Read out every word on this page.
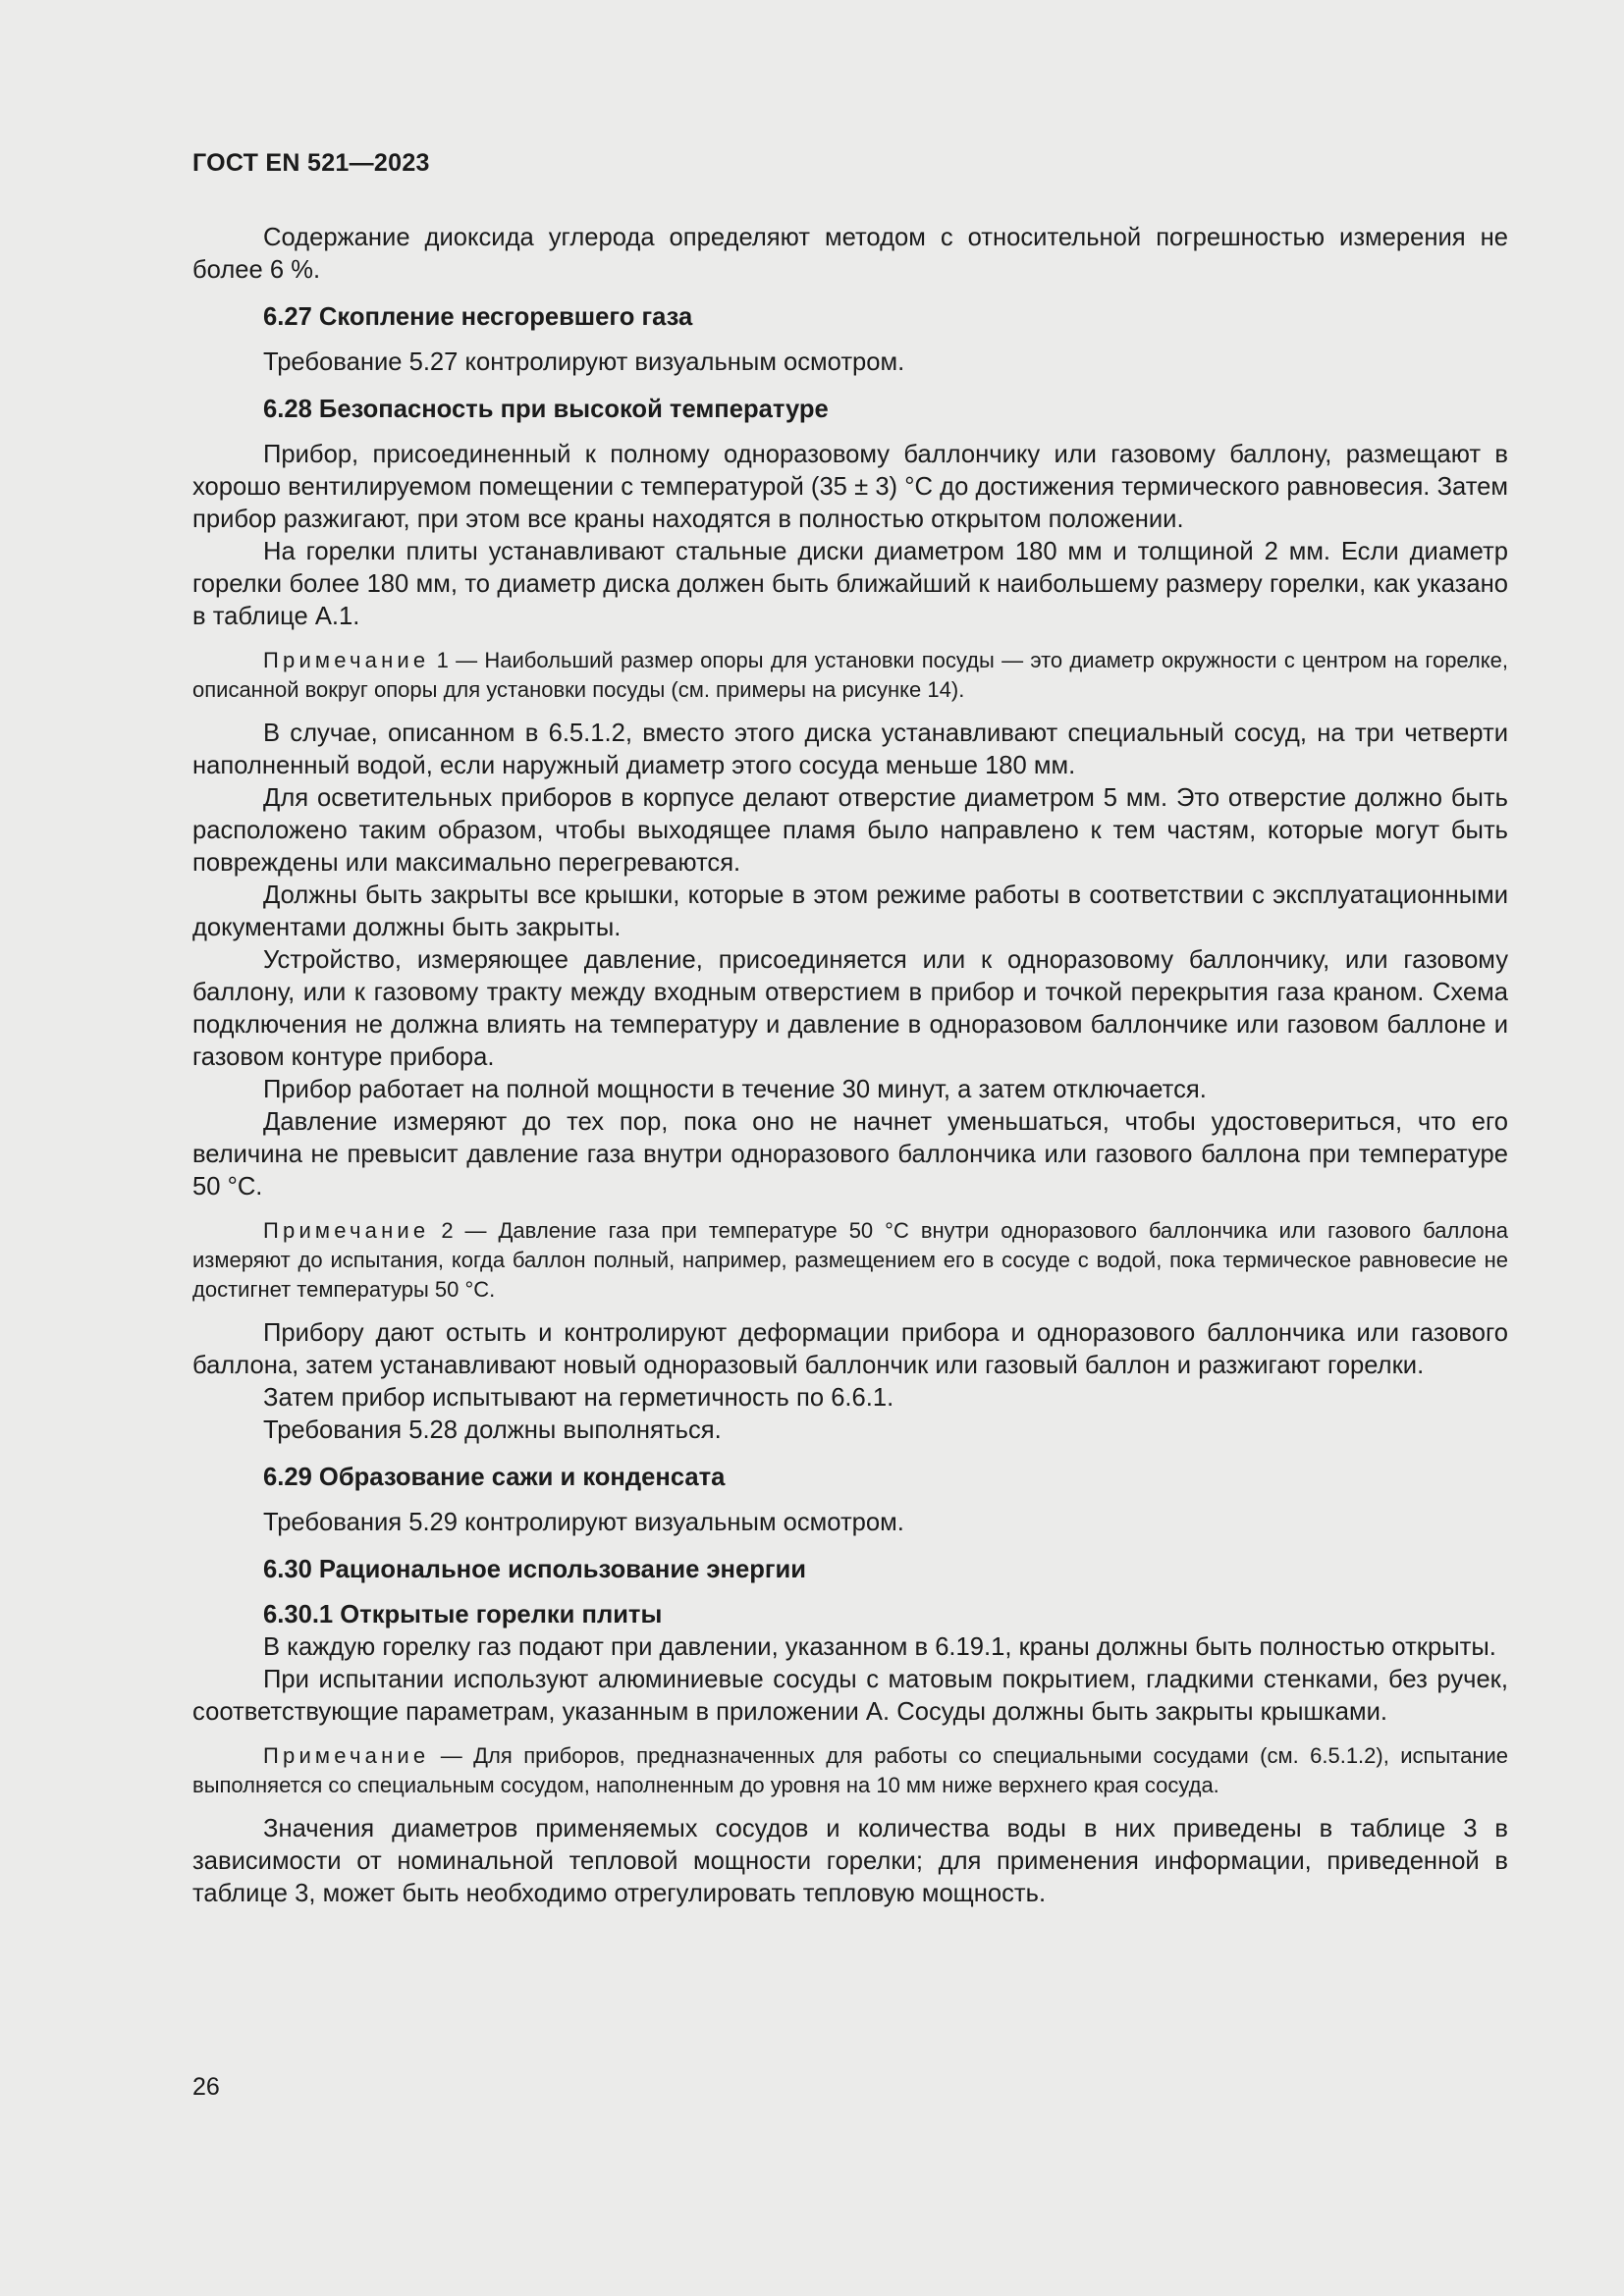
ГОСТ EN 521—2023

Содержание диоксида углерода определяют методом с относительной погрешностью измерения не более 6 %.

6.27 Скопление несгоревшего газа

Требование 5.27 контролируют визуальным осмотром.

6.28 Безопасность при высокой температуре

Прибор, присоединенный к полному одноразовому баллончику или газовому баллону, размещают в хорошо вентилируемом помещении с температурой (35 ± 3) °С до достижения термического равновесия. Затем прибор разжигают, при этом все краны находятся в полностью открытом положении.

На горелки плиты устанавливают стальные диски диаметром 180 мм и толщиной 2 мм. Если диаметр горелки более 180 мм, то диаметр диска должен быть ближайший к наибольшему размеру горелки, как указано в таблице А.1.

Примечание 1 — Наибольший размер опоры для установки посуды — это диаметр окружности с центром на горелке, описанной вокруг опоры для установки посуды (см. примеры на рисунке 14).

В случае, описанном в 6.5.1.2, вместо этого диска устанавливают специальный сосуд, на три четверти наполненный водой, если наружный диаметр этого сосуда меньше 180 мм.

Для осветительных приборов в корпусе делают отверстие диаметром 5 мм. Это отверстие должно быть расположено таким образом, чтобы выходящее пламя было направлено к тем частям, которые могут быть повреждены или максимально перегреваются.

Должны быть закрыты все крышки, которые в этом режиме работы в соответствии с эксплуатационными документами должны быть закрыты.

Устройство, измеряющее давление, присоединяется или к одноразовому баллончику, или газовому баллону, или к газовому тракту между входным отверстием в прибор и точкой перекрытия газа краном. Схема подключения не должна влиять на температуру и давление в одноразовом баллончике или газовом баллоне и газовом контуре прибора.

Прибор работает на полной мощности в течение 30 минут, а затем отключается.

Давление измеряют до тех пор, пока оно не начнет уменьшаться, чтобы удостовериться, что его величина не превысит давление газа внутри одноразового баллончика или газового баллона при температуре 50 °С.

Примечание 2 — Давление газа при температуре 50 °С внутри одноразового баллончика или газового баллона измеряют до испытания, когда баллон полный, например, размещением его в сосуде с водой, пока термическое равновесие не достигнет температуры 50 °С.

Прибору дают остыть и контролируют деформации прибора и одноразового баллончика или газового баллона, затем устанавливают новый одноразовый баллончик или газовый баллон и разжигают горелки.

Затем прибор испытывают на герметичность по 6.6.1.

Требования 5.28 должны выполняться.

6.29 Образование сажи и конденсата

Требования 5.29 контролируют визуальным осмотром.

6.30 Рациональное использование энергии

6.30.1 Открытые горелки плиты

В каждую горелку газ подают при давлении, указанном в 6.19.1, краны должны быть полностью открыты.

При испытании используют алюминиевые сосуды с матовым покрытием, гладкими стенками, без ручек, соответствующие параметрам, указанным в приложении А. Сосуды должны быть закрыты крышками.

Примечание — Для приборов, предназначенных для работы со специальными сосудами (см. 6.5.1.2), испытание выполняется со специальным сосудом, наполненным до уровня на 10 мм ниже верхнего края сосуда.

Значения диаметров применяемых сосудов и количества воды в них приведены в таблице 3 в зависимости от номинальной тепловой мощности горелки; для применения информации, приведенной в таблице 3, может быть необходимо отрегулировать тепловую мощность.

26
